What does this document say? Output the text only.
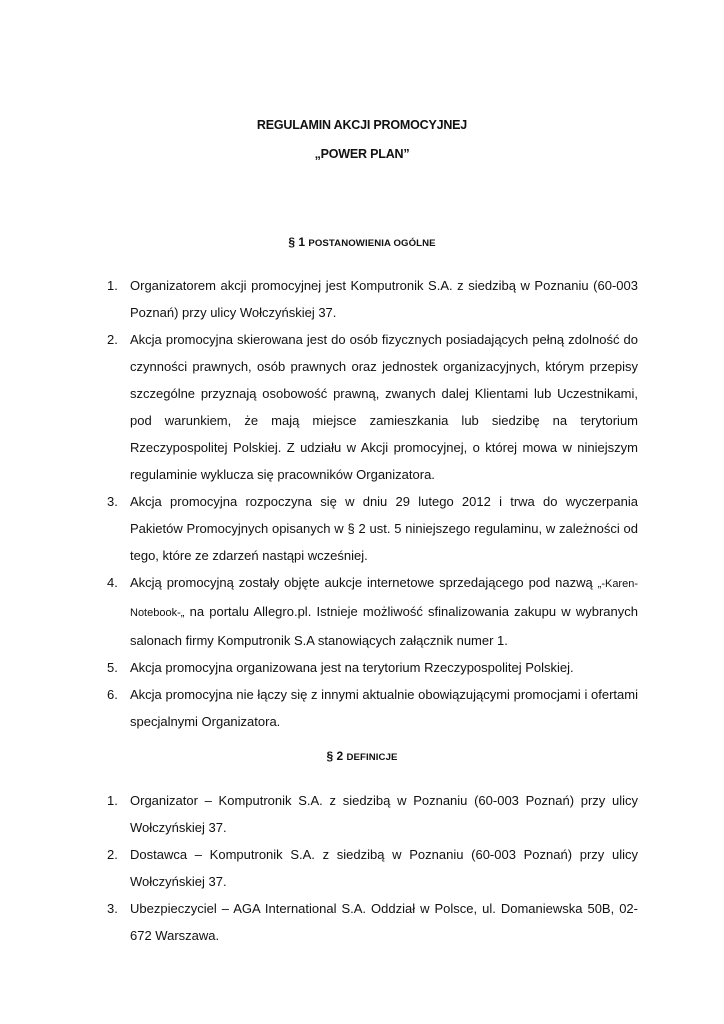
REGULAMIN AKCJI PROMOCYJNEJ
„POWER PLAN”
§ 1 POSTANOWIENIA OGÓLNE
1. Organizatorem akcji promocyjnej jest Komputronik S.A. z siedzibą w Poznaniu (60-003 Poznań) przy ulicy Wołczyńskiej 37.
2. Akcja promocyjna skierowana jest do osób fizycznych posiadających pełną zdolność do czynności prawnych, osób prawnych oraz jednostek organizacyjnych, którym przepisy szczególne przyznają osobowość prawną, zwanych dalej Klientami lub Uczestnikami, pod warunkiem, że mają miejsce zamieszkania lub siedzibę na terytorium Rzeczypospolitej Polskiej. Z udziału w Akcji promocyjnej, o której mowa w niniejszym regulaminie wyklucza się pracowników Organizatora.
3. Akcja promocyjna rozpoczyna się w dniu 29 lutego 2012 i trwa do wyczerpania Pakietów Promocyjnych opisanych w § 2 ust. 5 niniejszego regulaminu, w zależności od tego, które ze zdarzeń nastąpi wcześniej.
4. Akcją promocyjną zostały objęte aukcje internetowe sprzedającego pod nazwą „-Karen-Notebook-„ na portalu Allegro.pl. Istnieje możliwość sfinalizowania zakupu w wybranych salonach firmy Komputronik S.A stanowiących załącznik numer 1.
5. Akcja promocyjna organizowana jest na terytorium Rzeczypospolitej Polskiej.
6. Akcja promocyjna nie łączy się z innymi aktualnie obowiązującymi promocjami i ofertami specjalnymi Organizatora.
§ 2 DEFINICJE
1. Organizator – Komputronik S.A. z siedzibą w Poznaniu (60-003 Poznań) przy ulicy Wołczyńskiej 37.
2. Dostawca – Komputronik S.A. z siedzibą w Poznaniu (60-003 Poznań) przy ulicy Wołczyńskiej 37.
3. Ubezpieczyciel – AGA International S.A. Oddział w Polsce, ul. Domaniewska 50B, 02-672 Warszawa.
